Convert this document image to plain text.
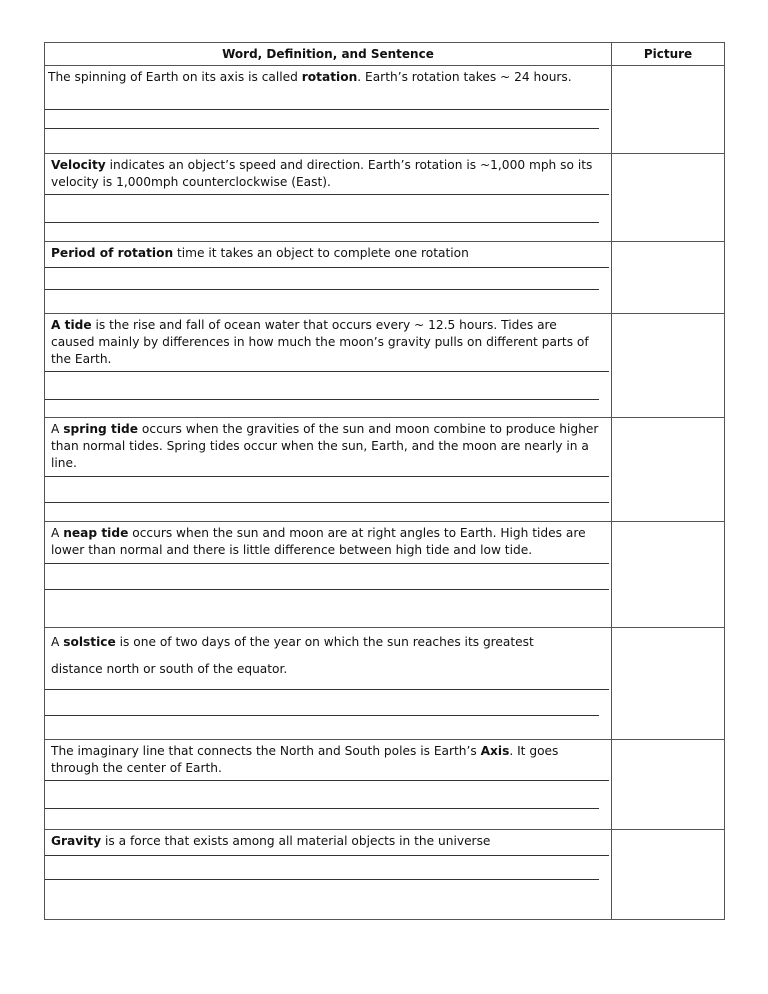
Word, Definition, and Sentence	Picture

The spinning of Earth on its axis is called rotation. Earth’s rotation takes ~ 24 hours.	

Velocity indicates an object’s speed and direction. Earth’s rotation is ~1,000 mph so its velocity is 1,000mph counterclockwise (East).	

Period of rotation time it takes an object to complete one rotation	

A tide is the rise and fall of ocean water that occurs every ~ 12.5 hours. Tides are caused mainly by differences in how much the moon’s gravity pulls on different parts of the Earth.	

A spring tide occurs when the gravities of the sun and moon combine to produce higher than normal tides. Spring tides occur when the sun, Earth, and the moon are nearly in a line.	

A neap tide occurs when the sun and moon are at right angles to Earth. High tides are lower than normal and there is little difference between high tide and low tide.	

A solstice is one of two days of the year on which the sun reaches its greatest
distance north or south of the equator.	

The imaginary line that connects the North and South poles is Earth’s Axis. It goes through the center of Earth.	

Gravity is a force that exists among all material objects in the universe	
